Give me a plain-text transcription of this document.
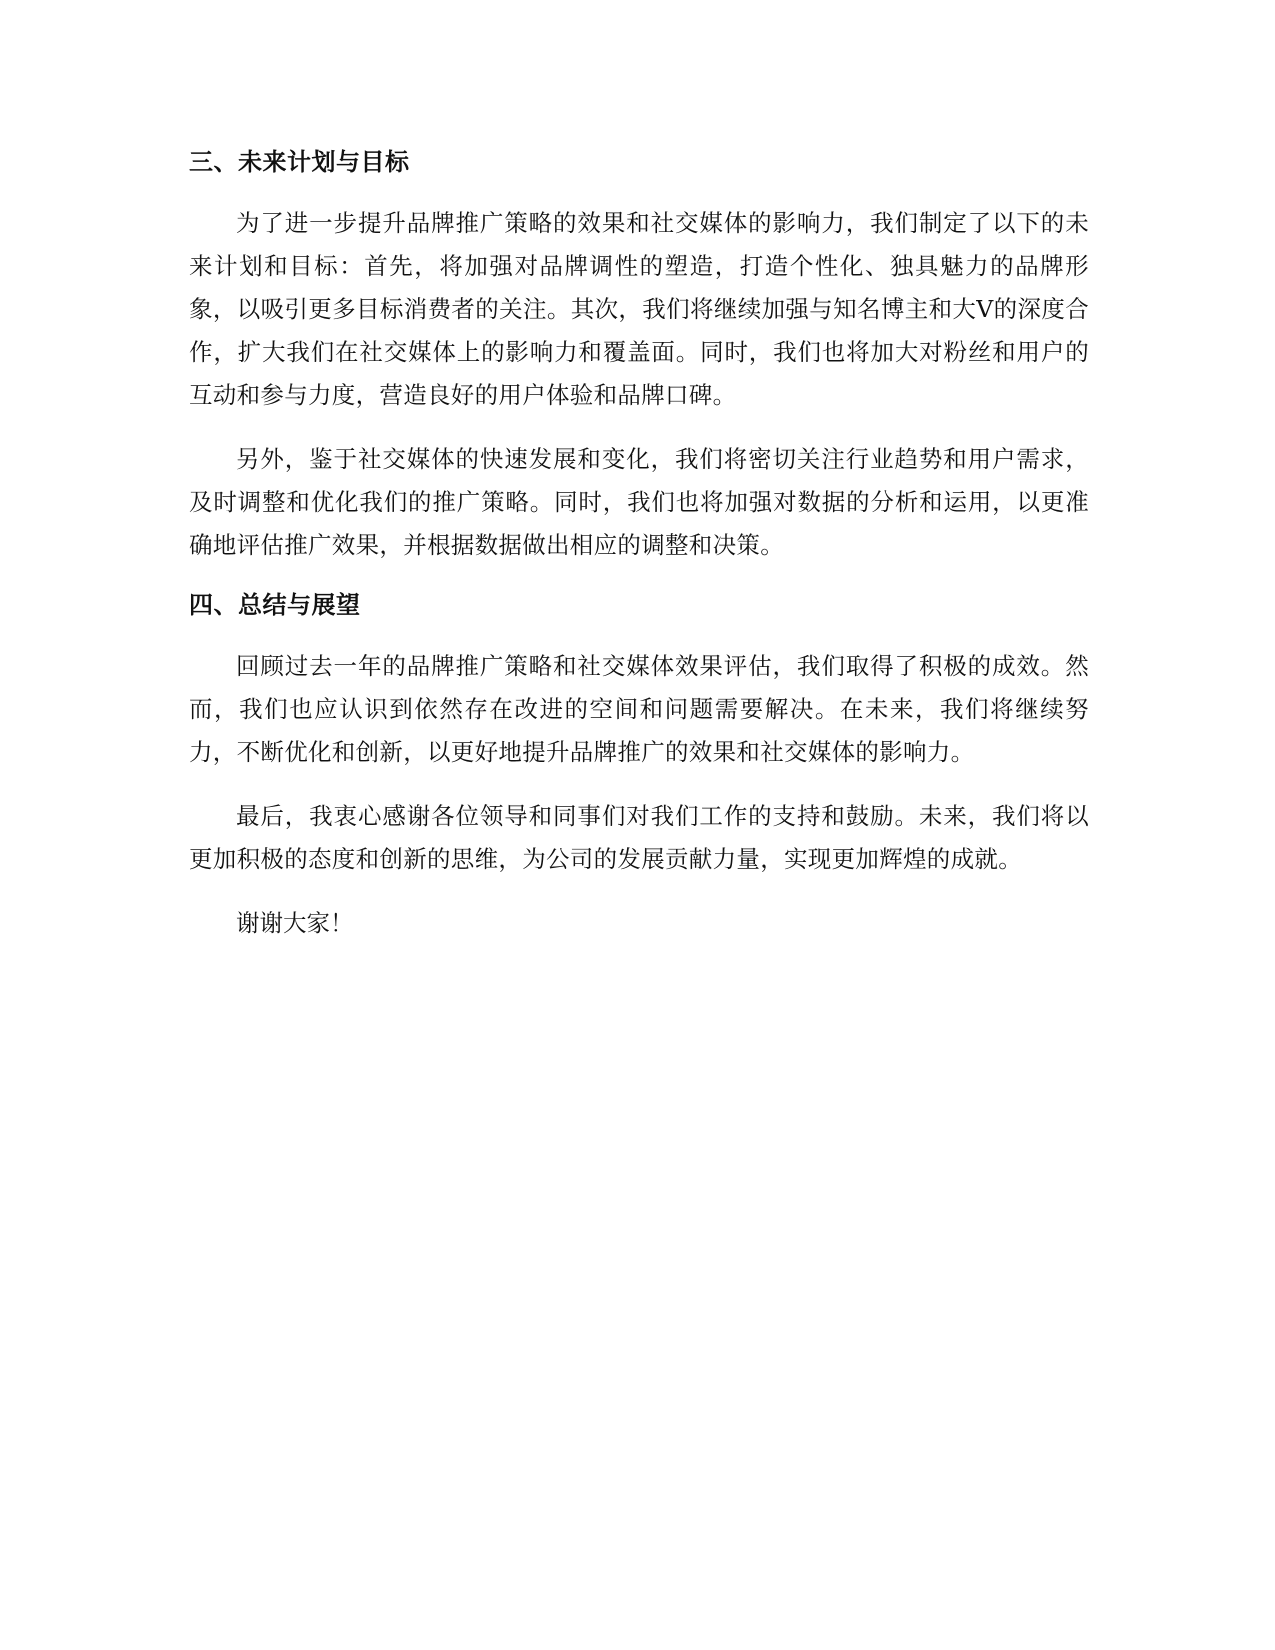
三、未来计划与目标

为了进一步提升品牌推广策略的效果和社交媒体的影响力，我们制定了以下的未来计划和目标：首先，将加强对品牌调性的塑造，打造个性化、独具魅力的品牌形象，以吸引更多目标消费者的关注。其次，我们将继续加强与知名博主和大V的深度合作，扩大我们在社交媒体上的影响力和覆盖面。同时，我们也将加大对粉丝和用户的互动和参与力度，营造良好的用户体验和品牌口碑。

另外，鉴于社交媒体的快速发展和变化，我们将密切关注行业趋势和用户需求，及时调整和优化我们的推广策略。同时，我们也将加强对数据的分析和运用，以更准确地评估推广效果，并根据数据做出相应的调整和决策。

四、总结与展望

回顾过去一年的品牌推广策略和社交媒体效果评估，我们取得了积极的成效。然而，我们也应认识到依然存在改进的空间和问题需要解决。在未来，我们将继续努力，不断优化和创新，以更好地提升品牌推广的效果和社交媒体的影响力。

最后，我衷心感谢各位领导和同事们对我们工作的支持和鼓励。未来，我们将以更加积极的态度和创新的思维，为公司的发展贡献力量，实现更加辉煌的成就。

谢谢大家！
